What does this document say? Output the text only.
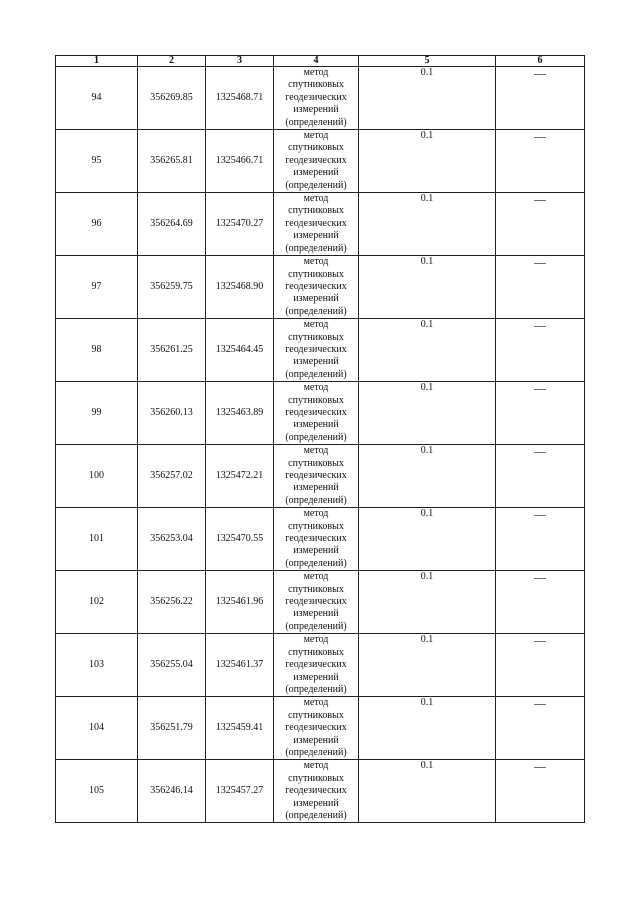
1	2	3	4	5	6
94	356269.85	1325468.71	метод
спутниковых
геодезических
измерений
(определений)	0.1	—
95	356265.81	1325466.71	метод
спутниковых
геодезических
измерений
(определений)	0.1	—
96	356264.69	1325470.27	метод
спутниковых
геодезических
измерений
(определений)	0.1	—
97	356259.75	1325468.90	метод
спутниковых
геодезических
измерений
(определений)	0.1	—
98	356261.25	1325464.45	метод
спутниковых
геодезических
измерений
(определений)	0.1	—
99	356260.13	1325463.89	метод
спутниковых
геодезических
измерений
(определений)	0.1	—
100	356257.02	1325472.21	метод
спутниковых
геодезических
измерений
(определений)	0.1	—
101	356253.04	1325470.55	метод
спутниковых
геодезических
измерений
(определений)	0.1	—
102	356256.22	1325461.96	метод
спутниковых
геодезических
измерений
(определений)	0.1	—
103	356255.04	1325461.37	метод
спутниковых
геодезических
измерений
(определений)	0.1	—
104	356251.79	1325459.41	метод
спутниковых
геодезических
измерений
(определений)	0.1	—
105	356246.14	1325457.27	метод
спутниковых
геодезических
измерений
(определений)	0.1	—
